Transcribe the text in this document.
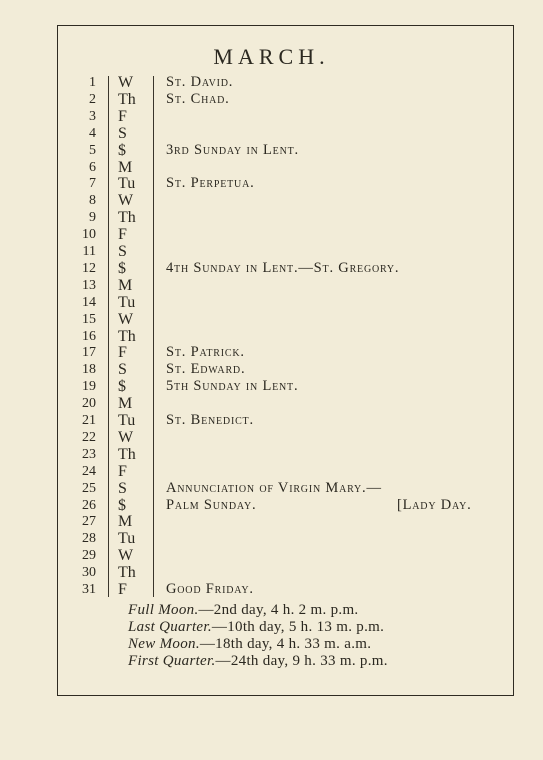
MARCH.
1 W	St. David.
2 Th	St. Chad.
3 F
4 S
5 $	3rd Sunday in Lent.
6 M
7 Tu	St. Perpetua.
8 W
9 Th
10 F
11 S
12 $	4th Sunday in Lent.—St. Gregory.
13 M
14 Tu
15 W
16 Th
17 F	St. Patrick.
18 S	St. Edward.
19 $	5th Sunday in Lent.
20 M
21 Tu	St. Benedict.
22 W
23 Th
24 F
25 S	Annunciation of Virgin Mary.—
26 $	Palm Sunday.	[Lady Day.
27 M
28 Tu
29 W
30 Th
31 F	Good Friday.
Full Moon.—2nd day, 4 h. 2 m. p.m.
Last Quarter.—10th day, 5 h. 13 m. p.m.
New Moon.—18th day, 4 h. 33 m. a.m.
First Quarter.—24th day, 9 h. 33 m. p.m.
